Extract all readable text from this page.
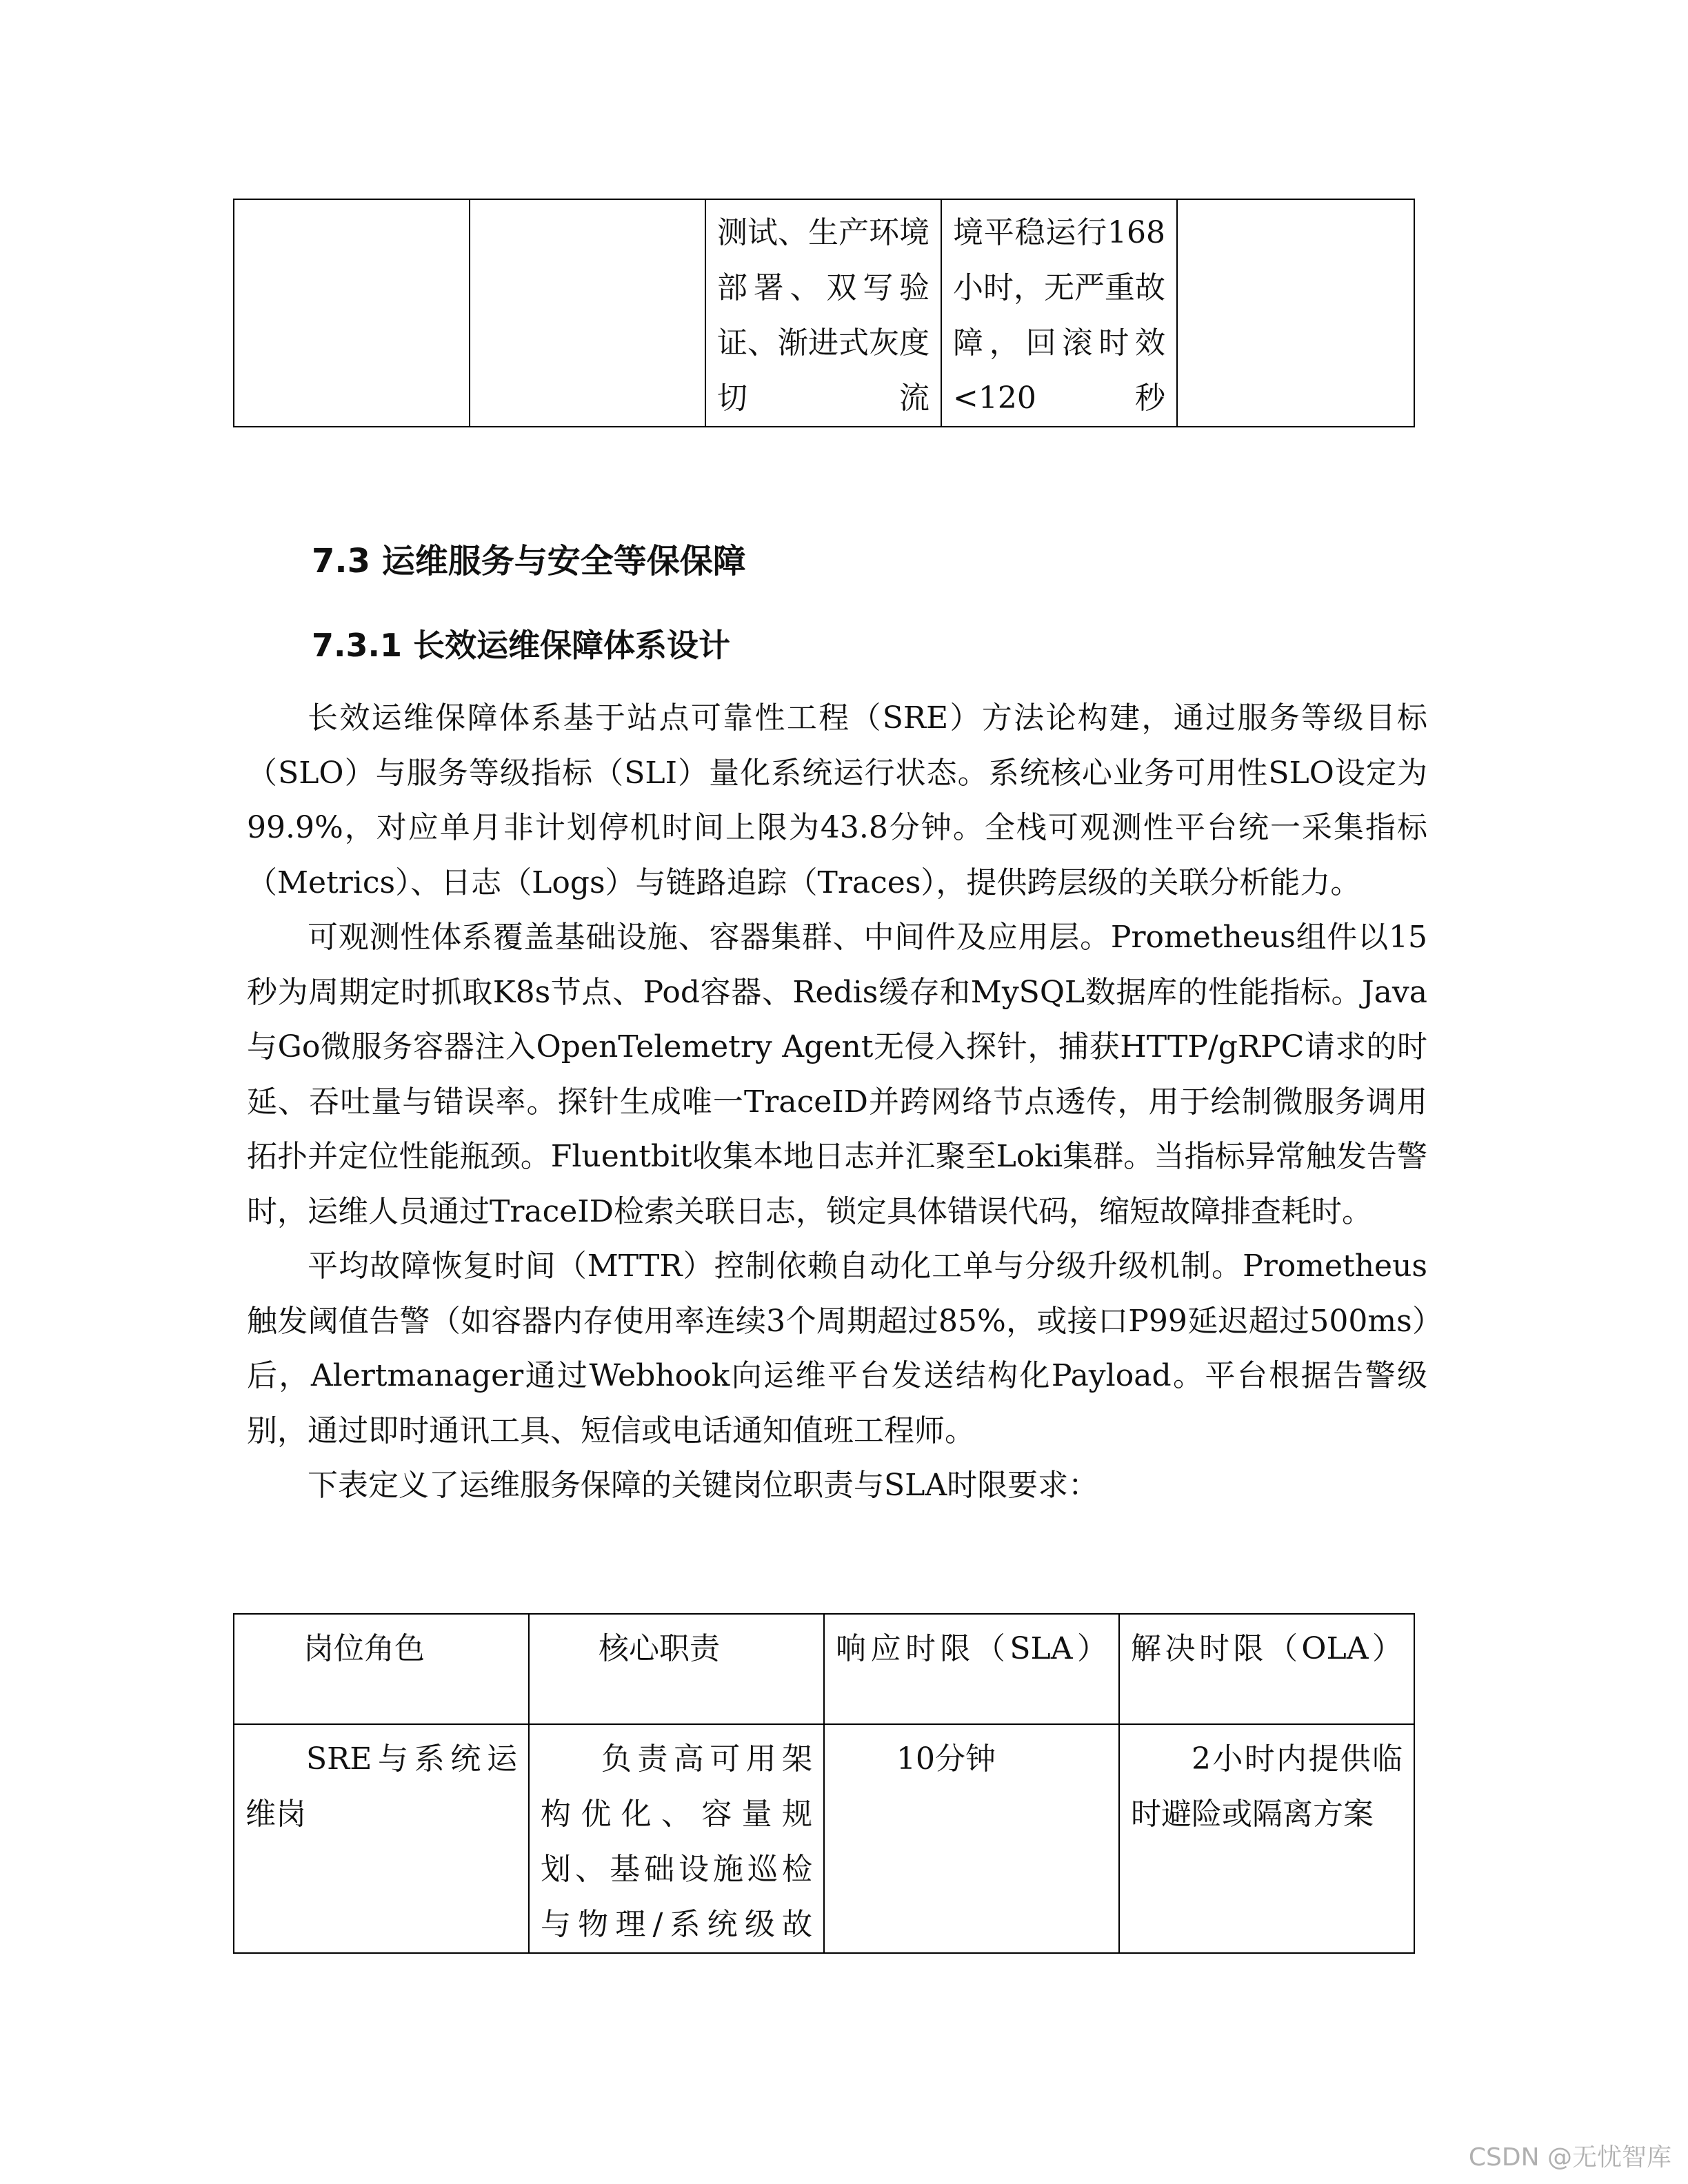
		测试、生产环境部署、双写验证、渐进式灰度切流	境平稳运行168小时，无严重故障，回滚时效<120秒	
7.3 运维服务与安全等保保障
7.3.1 长效运维保障体系设计

长效运维保障体系基于站点可靠性工程（SRE）方法论构建，通过服务等级目标（SLO）与服务等级指标（SLI）量化系统运行状态。系统核心业务可用性SLO设定为99.9%，对应单月非计划停机时间上限为43.8分钟。全栈可观测性平台统一采集指标（Metrics）、日志（Logs）与链路追踪（Traces），提供跨层级的关联分析能力。

可观测性体系覆盖基础设施、容器集群、中间件及应用层。Prometheus组件以15秒为周期定时抓取K8s节点、Pod容器、Redis缓存和MySQL数据库的性能指标。Java与Go微服务容器注入OpenTelemetry Agent无侵入探针，捕获HTTP/gRPC请求的时延、吞吐量与错误率。探针生成唯一TraceID并跨网络节点透传，用于绘制微服务调用拓扑并定位性能瓶颈。Fluentbit收集本地日志并汇聚至Loki集群。当指标异常触发告警时，运维人员通过TraceID检索关联日志，锁定具体错误代码，缩短故障排查耗时。

平均故障恢复时间（MTTR）控制依赖自动化工单与分级升级机制。Prometheus触发阈值告警（如容器内存使用率连续3个周期超过85%，或接口P99延迟超过500ms）后，Alertmanager通过Webhook向运维平台发送结构化Payload。平台根据告警级别，通过即时通讯工具、短信或电话通知值班工程师。

下表定义了运维服务保障的关键岗位职责与SLA时限要求：

岗位角色	核心职责	响应时限（SLA）	解决时限（OLA）
SRE与系统运维岗	负责高可用架构优化、容量规划、基础设施巡检与物理/系统级故	10分钟	2小时内提供临时避险或隔离方案
CSDN @无忧智库
